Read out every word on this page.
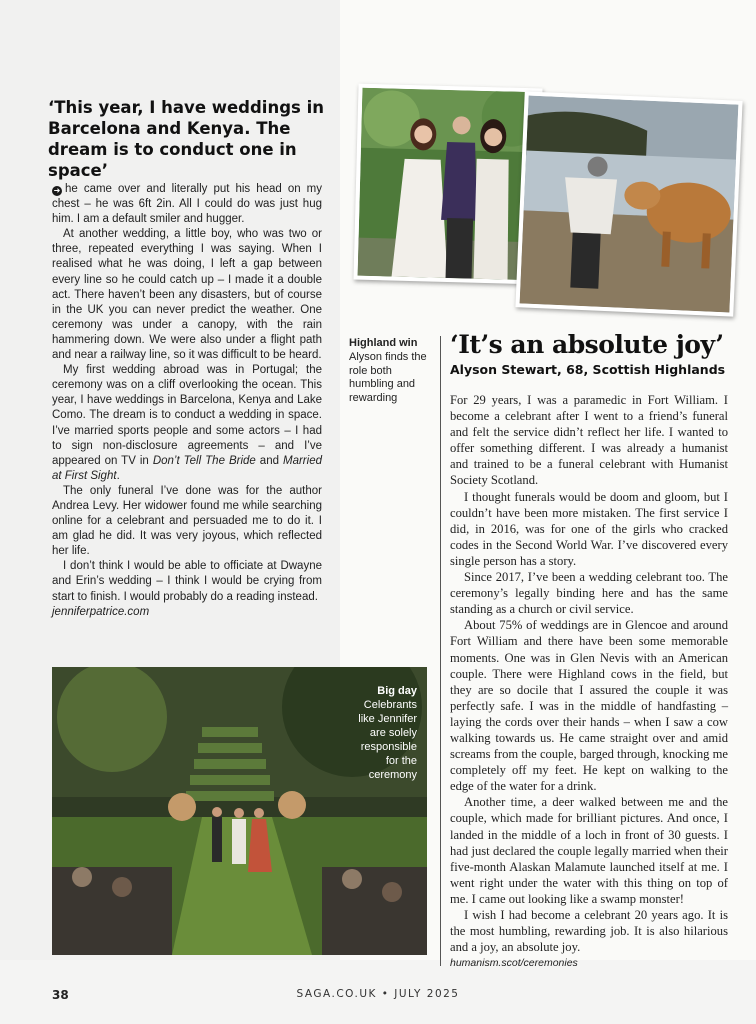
‘This year, I have weddings in Barcelona and Kenya. The dream is to conduct one in space’

➜ he came over and literally put his head on my chest – he was 6ft 2in. All I could do was just hug him. I am a default smiler and hugger.

At another wedding, a little boy, who was two or three, repeated everything I was saying. When I realised what he was doing, I left a gap between every line so he could catch up – I made it a double act. There haven’t been any disasters, but of course in the UK you can never predict the weather. One ceremony was under a canopy, with the rain hammering down. We were also under a flight path and near a railway line, so it was difficult to be heard.

My first wedding abroad was in Portugal; the ceremony was on a cliff overlooking the ocean. This year, I have weddings in Barcelona, Kenya and Lake Como. The dream is to conduct a wedding in space. I’ve married sports people and some actors – I had to sign non-disclosure agreements – and I’ve appeared on TV in Don’t Tell The Bride and Married at First Sight.

The only funeral I’ve done was for the author Andrea Levy. Her widower found me while searching online for a celebrant and persuaded me to do it. I am glad he did. It was very joyous, which reflected her life.

I don’t think I would be able to officiate at Dwayne and Erin’s wedding – I think I would be crying from start to finish. I would probably do a reading instead.

jenniferpatrice.com

Highland win
Alyson finds the role both humbling and rewarding
‘It’s an absolute joy’
Alyson Stewart, 68, Scottish Highlands

For 29 years, I was a paramedic in Fort William. I become a celebrant after I went to a friend’s funeral and felt the service didn’t reflect her life. I wanted to offer something different. I was already a humanist and trained to be a funeral celebrant with Humanist Society Scotland.

I thought funerals would be doom and gloom, but I couldn’t have been more mistaken. The first service I did, in 2016, was for one of the girls who cracked codes in the Second World War. I’ve discovered every single person has a story.

Since 2017, I’ve been a wedding celebrant too. The ceremony’s legally binding here and has the same standing as a church or civil service.

About 75% of weddings are in Glencoe and around Fort William and there have been some memorable moments. One was in Glen Nevis with an American couple. There were Highland cows in the field, but they are so docile that I assured the couple it was perfectly safe. I was in the middle of handfasting – laying the cords over their hands – when I saw a cow walking towards us. He came straight over and amid screams from the couple, barged through, knocking me completely off my feet. He kept on walking to the edge of the water for a drink.

Another time, a deer walked between me and the couple, which made for brilliant pictures. And once, I landed in the middle of a loch in front of 30 guests. I had just declared the couple legally married when their five-month Alaskan Malamute launched itself at me. I went right under the water with this thing on top of me. I came out looking like a swamp monster!

I wish I had become a celebrant 20 years ago. It is the most humbling, rewarding job. It is also hilarious and a joy, an absolute joy.

humanism.scot/ceremonies

Big day
Celebrants like Jennifer are solely responsible for the ceremony
38	SAGA.CO.UK • JULY 2025
